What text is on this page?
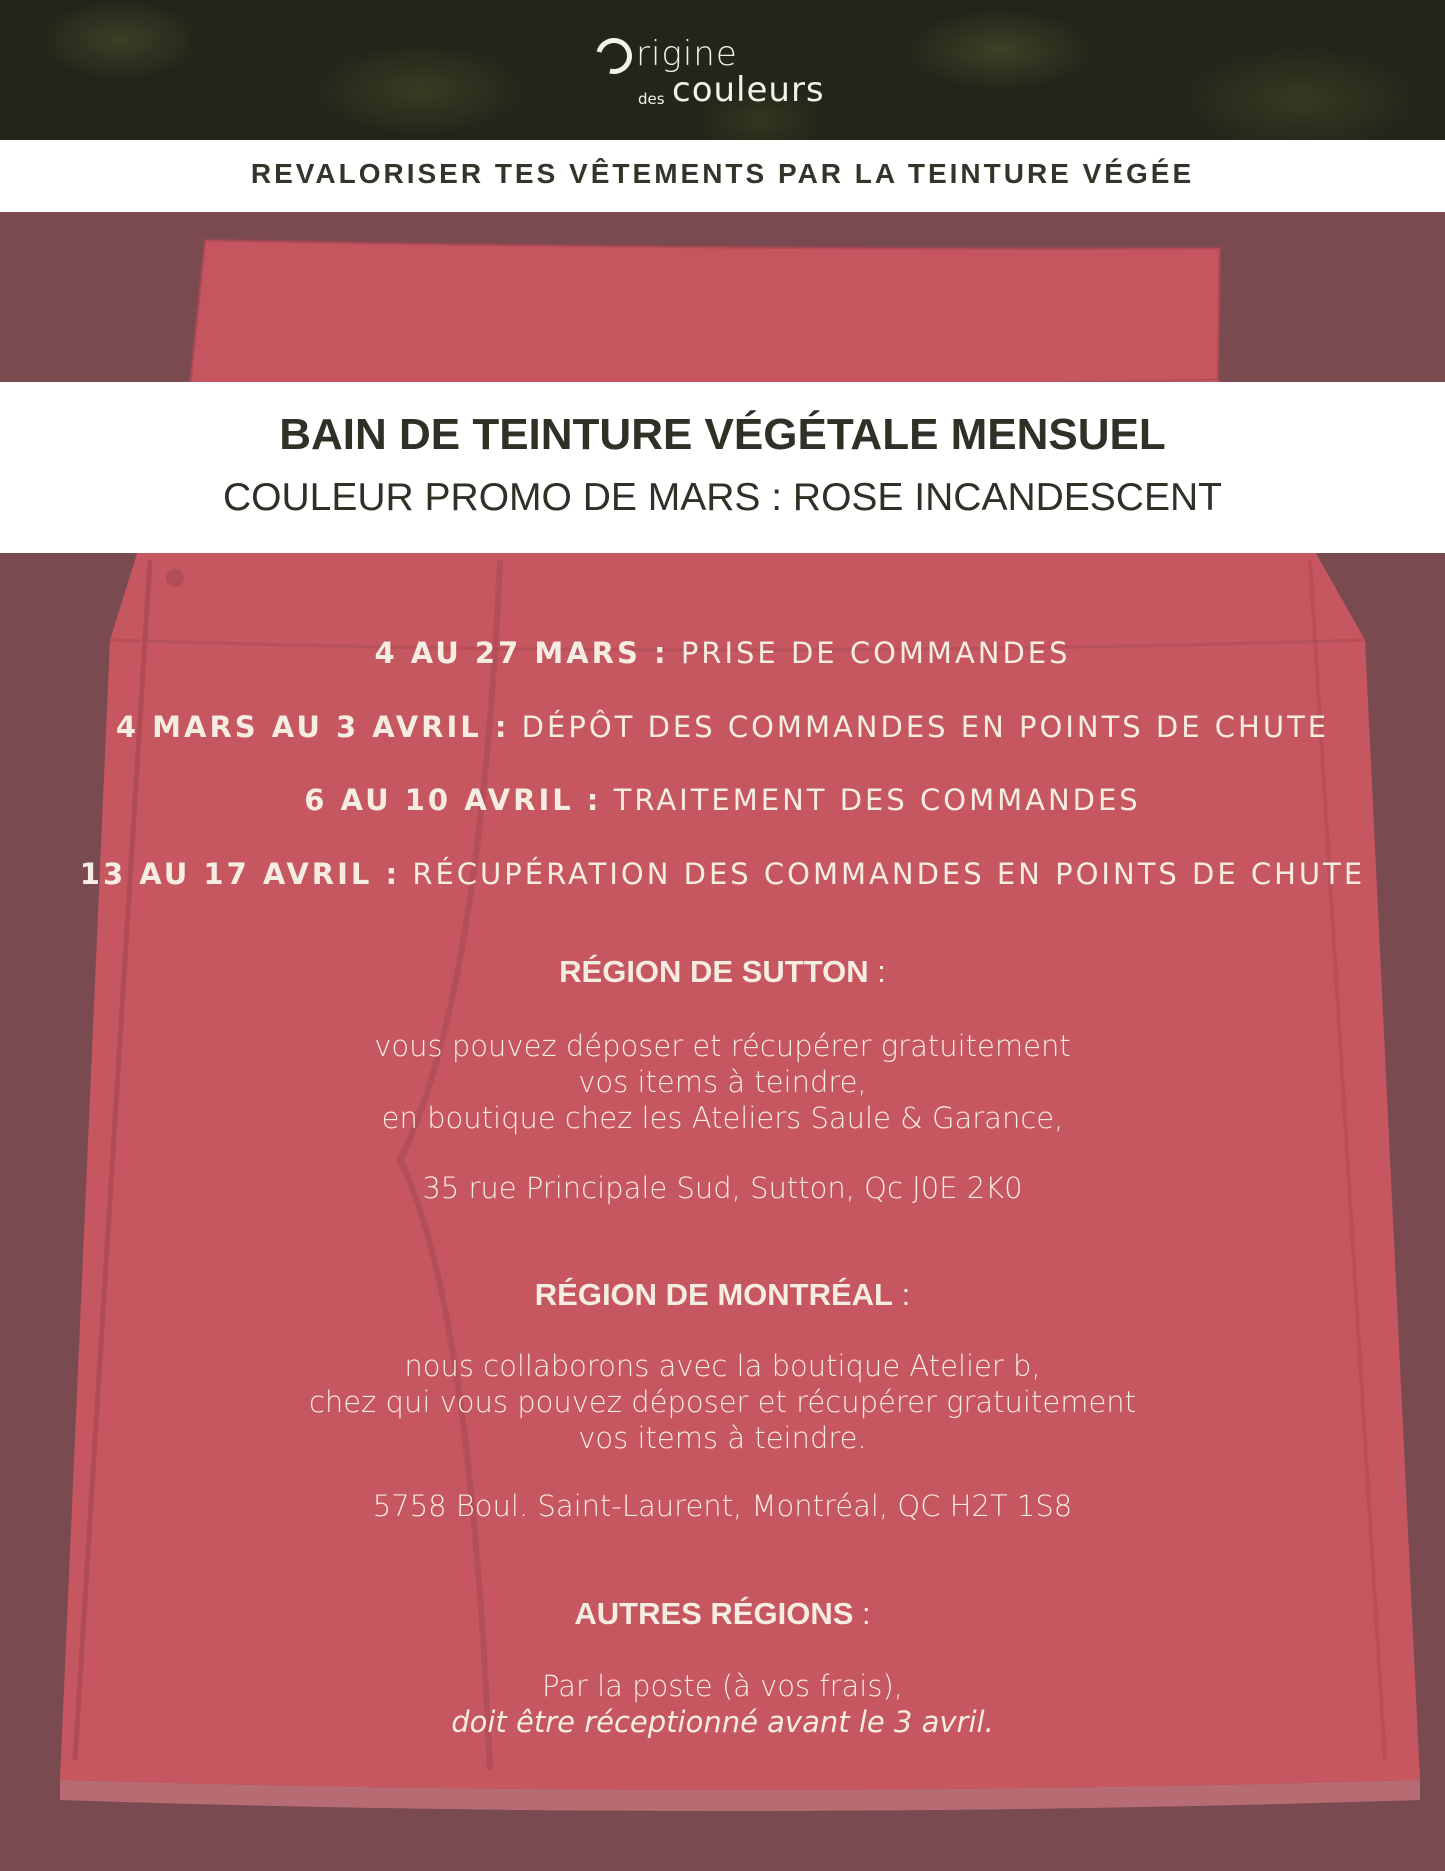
rigine
des couleurs
REVALORISER TES VÊTEMENTS PAR LA TEINTURE VÉGÉE
BAIN DE TEINTURE VÉGÉTALE MENSUEL
COULEUR PROMO DE MARS : ROSE INCANDESCENT
4 AU 27 MARS : PRISE DE COMMANDES
4 MARS AU 3 AVRIL : DÉPÔT DES COMMANDES EN POINTS DE CHUTE
6 AU 10 AVRIL : TRAITEMENT DES COMMANDES
13 AU 17 AVRIL : RÉCUPÉRATION DES COMMANDES EN POINTS DE CHUTE
RÉGION DE SUTTON :
vous pouvez déposer et récupérer gratuitement
vos items à teindre,
en boutique chez les Ateliers Saule & Garance,
35 rue Principale Sud, Sutton, Qc J0E 2K0
RÉGION DE MONTRÉAL :
nous collaborons avec la boutique Atelier b,
chez qui vous pouvez déposer et récupérer gratuitement
vos items à teindre.
5758 Boul. Saint-Laurent, Montréal, QC H2T 1S8
AUTRES RÉGIONS :
Par la poste (à vos frais),
doit être réceptionné avant le 3 avril.
